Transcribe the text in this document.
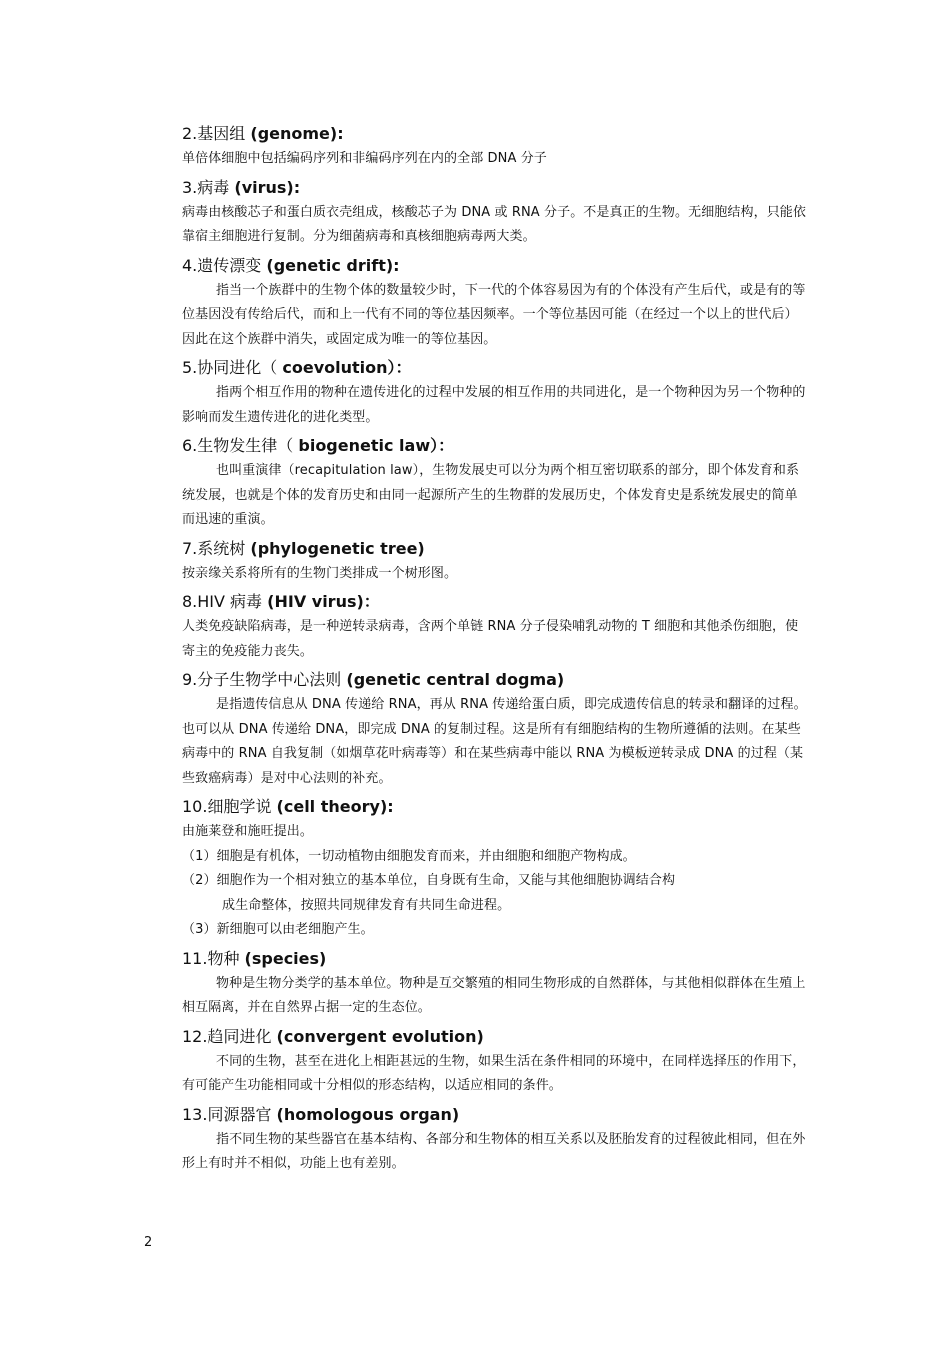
2.基因组 (genome):

单倍体细胞中包括编码序列和非编码序列在内的全部 DNA 分子

3.病毒 (virus):

病毒由核酸芯子和蛋白质衣壳组成，核酸芯子为 DNA 或 RNA 分子。不是真正的生物。无细胞结构，只能依靠宿主细胞进行复制。分为细菌病毒和真核细胞病毒两大类。

4.遗传漂变 (genetic drift):

指当一个族群中的生物个体的数量较少时，下一代的个体容易因为有的个体没有产生后代，或是有的等位基因没有传给后代，而和上一代有不同的等位基因频率。一个等位基因可能（在经过一个以上的世代后）因此在这个族群中消失，或固定成为唯一的等位基因。

5.协同进化（ coevolution）：

指两个相互作用的物种在遗传进化的过程中发展的相互作用的共同进化，是一个物种因为另一个物种的影响而发生遗传进化的进化类型。

6.生物发生律（ biogenetic law）：

也叫重演律（recapitulation law），生物发展史可以分为两个相互密切联系的部分，即个体发育和系统发展，也就是个体的发育历史和由同一起源所产生的生物群的发展历史，个体发育史是系统发展史的简单而迅速的重演。

7.系统树 (phylogenetic tree)

按亲缘关系将所有的生物门类排成一个树形图。

8.HIV 病毒 (HIV virus)：

人类免疫缺陷病毒，是一种逆转录病毒，含两个单链 RNA 分子侵染哺乳动物的 T 细胞和其他杀伤细胞，使寄主的免疫能力丧失。

9.分子生物学中心法则 (genetic central dogma)

是指遗传信息从 DNA 传递给 RNA，再从 RNA 传递给蛋白质，即完成遗传信息的转录和翻译的过程。也可以从 DNA 传递给 DNA，即完成 DNA 的复制过程。这是所有有细胞结构的生物所遵循的法则。在某些病毒中的 RNA 自我复制（如烟草花叶病毒等）和在某些病毒中能以 RNA 为模板逆转录成 DNA 的过程（某些致癌病毒）是对中心法则的补充。

10.细胞学说 (cell theory):

由施莱登和施旺提出。

（1）细胞是有机体，一切动植物由细胞发育而来，并由细胞和细胞产物构成。

（2）细胞作为一个相对独立的基本单位，自身既有生命，又能与其他细胞协调结合构
成生命整体，按照共同规律发育有共同生命进程。

（3）新细胞可以由老细胞产生。

11.物种 (species)

物种是生物分类学的基本单位。物种是互交繁殖的相同生物形成的自然群体，与其他相似群体在生殖上相互隔离，并在自然界占据一定的生态位。

12.趋同进化 (convergent evolution)

不同的生物，甚至在进化上相距甚远的生物，如果生活在条件相同的环境中，在同样选择压的作用下，有可能产生功能相同或十分相似的形态结构，以适应相同的条件。

13.同源器官 (homologous organ)

指不同生物的某些器官在基本结构、各部分和生物体的相互关系以及胚胎发育的过程彼此相同，但在外形上有时并不相似，功能上也有差别。

2
